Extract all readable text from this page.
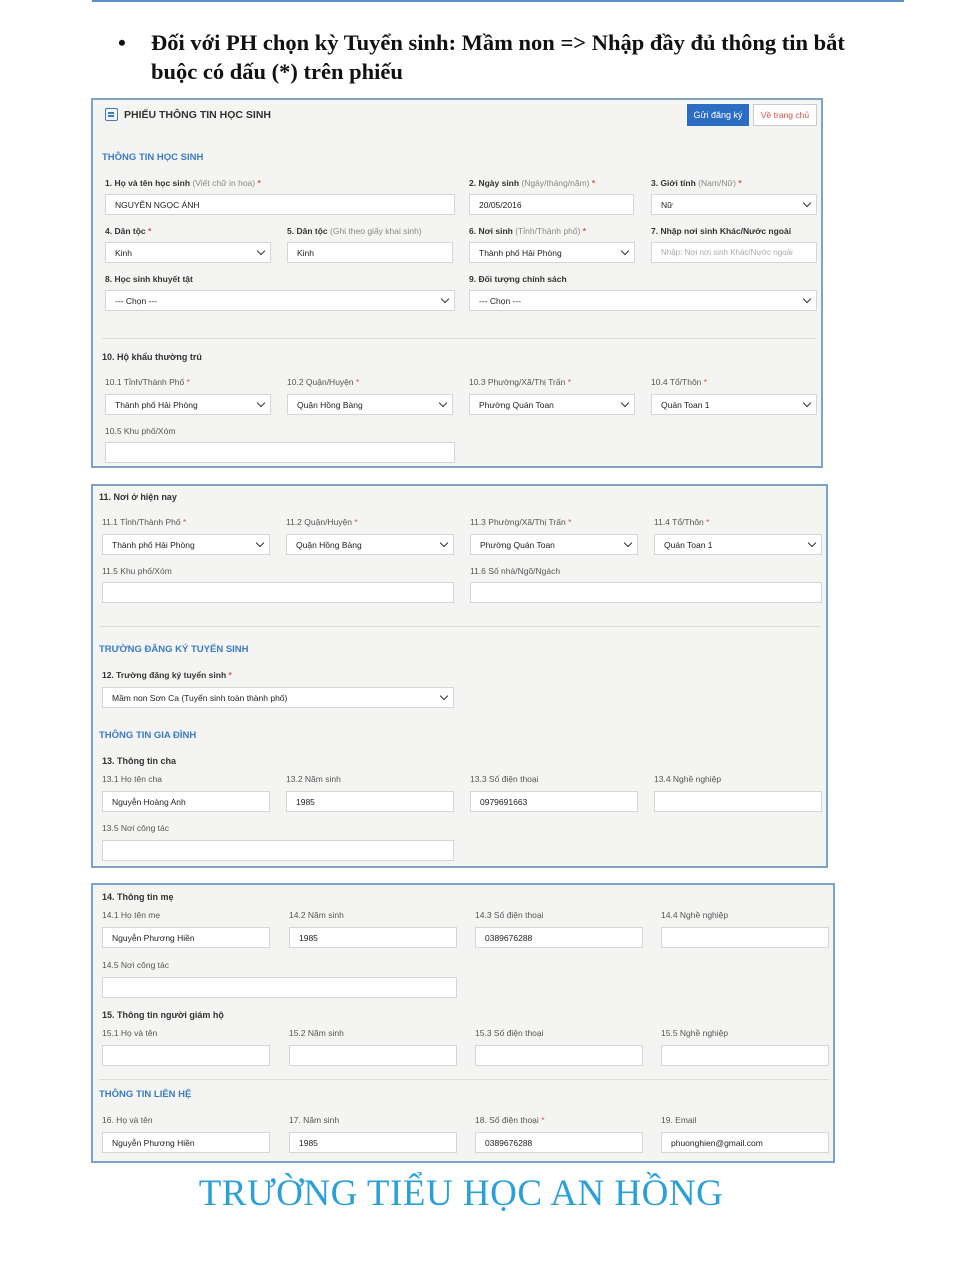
• Đối với PH chọn kỳ Tuyển sinh: Mầm non => Nhập đầy đủ thông tin bắt buộc có dấu (*) trên phiếu
PHIẾU THÔNG TIN HỌC SINH	Gửi đăng ký	Về trang chủ
THÔNG TIN HỌC SINH
1. Họ và tên học sinh (Viết chữ in hoa) *
NGUYỄN NGỌC ÁNH
2. Ngày sinh (Ngày/tháng/năm) *
20/05/2016
3. Giới tính (Nam/Nữ) *
Nữ
4. Dân tộc *
Kinh
5. Dân tộc (Ghi theo giấy khai sinh)
Kinh
6. Nơi sinh (Tỉnh/Thành phố) *
Thành phố Hải Phòng
7. Nhập nơi sinh Khác/Nước ngoài
Nhập: Nơi nơi sinh Khác/Nước ngoài
8. Học sinh khuyết tật
--- Chọn ---
9. Đối tượng chính sách
--- Chọn ---
10. Hộ khẩu thường trú
10.1 Tỉnh/Thành Phố *
Thành phố Hải Phòng
10.2 Quận/Huyện *
Quận Hồng Bàng
10.3 Phường/Xã/Thị Trấn *
Phường Quán Toan
10.4 Tổ/Thôn *
Quán Toan 1
10.5 Khu phố/Xóm
11. Nơi ở hiện nay
11.1 Tỉnh/Thành Phố *
Thành phố Hải Phòng
11.2 Quận/Huyện *
Quận Hồng Bàng
11.3 Phường/Xã/Thị Trấn *
Phường Quán Toan
11.4 Tổ/Thôn *
Quán Toan 1
11.5 Khu phố/Xóm	11.6 Số nhà/Ngõ/Ngách
TRƯỜNG ĐĂNG KÝ TUYỂN SINH
12. Trường đăng ký tuyển sinh *
Mầm non Sơn Ca (Tuyển sinh toàn thành phố)
THÔNG TIN GIA ĐÌNH
13. Thông tin cha
13.1 Họ tên cha
Nguyễn Hoàng Anh
13.2 Năm sinh
1985
13.3 Số điện thoại
0979691663
13.4 Nghề nghiệp
13.5 Nơi công tác
14. Thông tin mẹ
14.1 Họ tên mẹ
Nguyễn Phương Hiền
14.2 Năm sinh
1985
14.3 Số điện thoại
0389676288
14.4 Nghề nghiệp
14.5 Nơi công tác
15. Thông tin người giám hộ
15.1 Họ và tên	15.2 Năm sinh	15.3 Số điện thoại	15.5 Nghề nghiệp
THÔNG TIN LIÊN HỆ
16. Họ và tên
Nguyễn Phương Hiền
17. Năm sinh
1985
18. Số điện thoại *
0389676288
19. Email
phuonghien@gmail.com
TRƯỜNG TIỂU HỌC AN HỒNG
